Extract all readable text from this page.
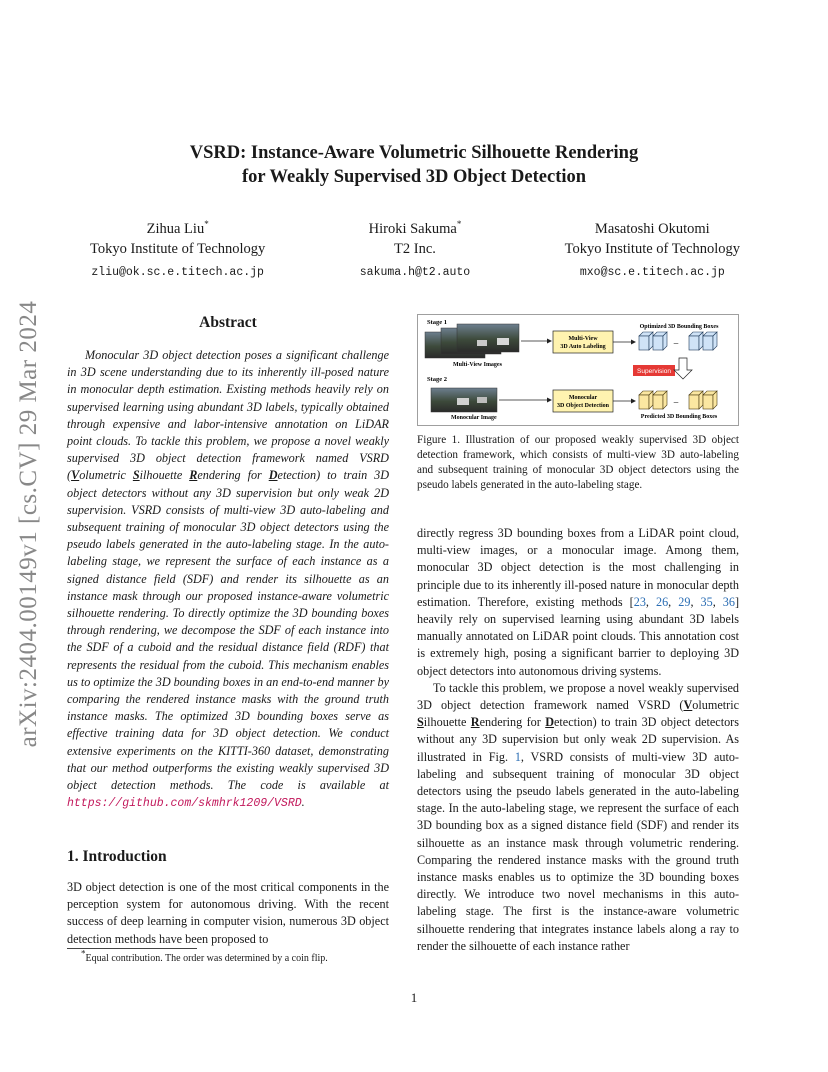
arXiv:2404.00149v1 [cs.CV] 29 Mar 2024
VSRD: Instance-Aware Volumetric Silhouette Rendering
for Weakly Supervised 3D Object Detection
Zihua Liu*
Tokyo Institute of Technology
zliu@ok.sc.e.titech.ac.jp
Hiroki Sakuma*
T2 Inc.
sakuma.h@t2.auto
Masatoshi Okutomi
Tokyo Institute of Technology
mxo@sc.e.titech.ac.jp
Abstract

Monocular 3D object detection poses a significant challenge in 3D scene understanding due to its inherently ill-posed nature in monocular depth estimation. Existing methods heavily rely on supervised learning using abundant 3D labels, typically obtained through expensive and labor-intensive annotation on LiDAR point clouds. To tackle this problem, we propose a novel weakly supervised 3D object detection framework named VSRD (Volumetric Silhouette Rendering for Detection) to train 3D object detectors without any 3D supervision but only weak 2D supervision. VSRD consists of multi-view 3D auto-labeling and subsequent training of monocular 3D object detectors using the pseudo labels generated in the auto-labeling stage. In the auto-labeling stage, we represent the surface of each instance as a signed distance field (SDF) and render its silhouette as an instance mask through our proposed instance-aware volumetric silhouette rendering. To directly optimize the 3D bounding boxes through rendering, we decompose the SDF of each instance into the SDF of a cuboid and the residual distance field (RDF) that represents the residual from the cuboid. This mechanism enables us to optimize the 3D bounding boxes in an end-to-end manner by comparing the rendered instance masks with the ground truth instance masks. The optimized 3D bounding boxes serve as effective training data for 3D object detection. We conduct extensive experiments on the KITTI-360 dataset, demonstrating that our method outperforms the existing weakly supervised 3D object detection methods. The code is available at https://github.com/skmhrk1209/VSRD.

1. Introduction

3D object detection is one of the most critical components in the perception system for autonomous driving. With the recent success of deep learning in computer vision, numerous 3D object detection methods have been proposed to

*Equal contribution. The order was determined by a coin flip.
Stage 1
Stage 2
Multi-View Images
Monocular Image
Multi-View
3D Auto Labeling
Monocular
3D Object Detection
Optimized 3D Bounding Boxes
Predicted 3D Bounding Boxes
–
Supervision
–

Figure 1. Illustration of our proposed weakly supervised 3D object detection framework, which consists of multi-view 3D auto-labeling and subsequent training of monocular 3D object detectors using the pseudo labels generated in the auto-labeling stage.

directly regress 3D bounding boxes from a LiDAR point cloud, multi-view images, or a monocular image. Among them, monocular 3D object detection is the most challenging in principle due to its inherently ill-posed nature in monocular depth estimation. Therefore, existing methods [23, 26, 29, 35, 36] heavily rely on supervised learning using abundant 3D labels manually annotated on LiDAR point clouds. This annotation cost is extremely high, posing a significant barrier to deploying 3D object detectors into autonomous driving systems.

To tackle this problem, we propose a novel weakly supervised 3D object detection framework named VSRD (Volumetric Silhouette Rendering for Detection) to train 3D object detectors without any 3D supervision but only weak 2D supervision. As illustrated in Fig. 1, VSRD consists of multi-view 3D auto-labeling and subsequent training of monocular 3D object detectors using the pseudo labels generated in the auto-labeling stage. In the auto-labeling stage, we represent the surface of each 3D bounding box as a signed distance field (SDF) and render its silhouette as an instance mask through volumetric rendering. Comparing the rendered instance masks with the ground truth instance masks enables us to optimize the 3D bounding boxes directly. We introduce two novel mechanisms in this auto-labeling stage. The first is the instance-aware volumetric silhouette rendering that integrates instance labels along a ray to render the silhouette of each instance rather

1
